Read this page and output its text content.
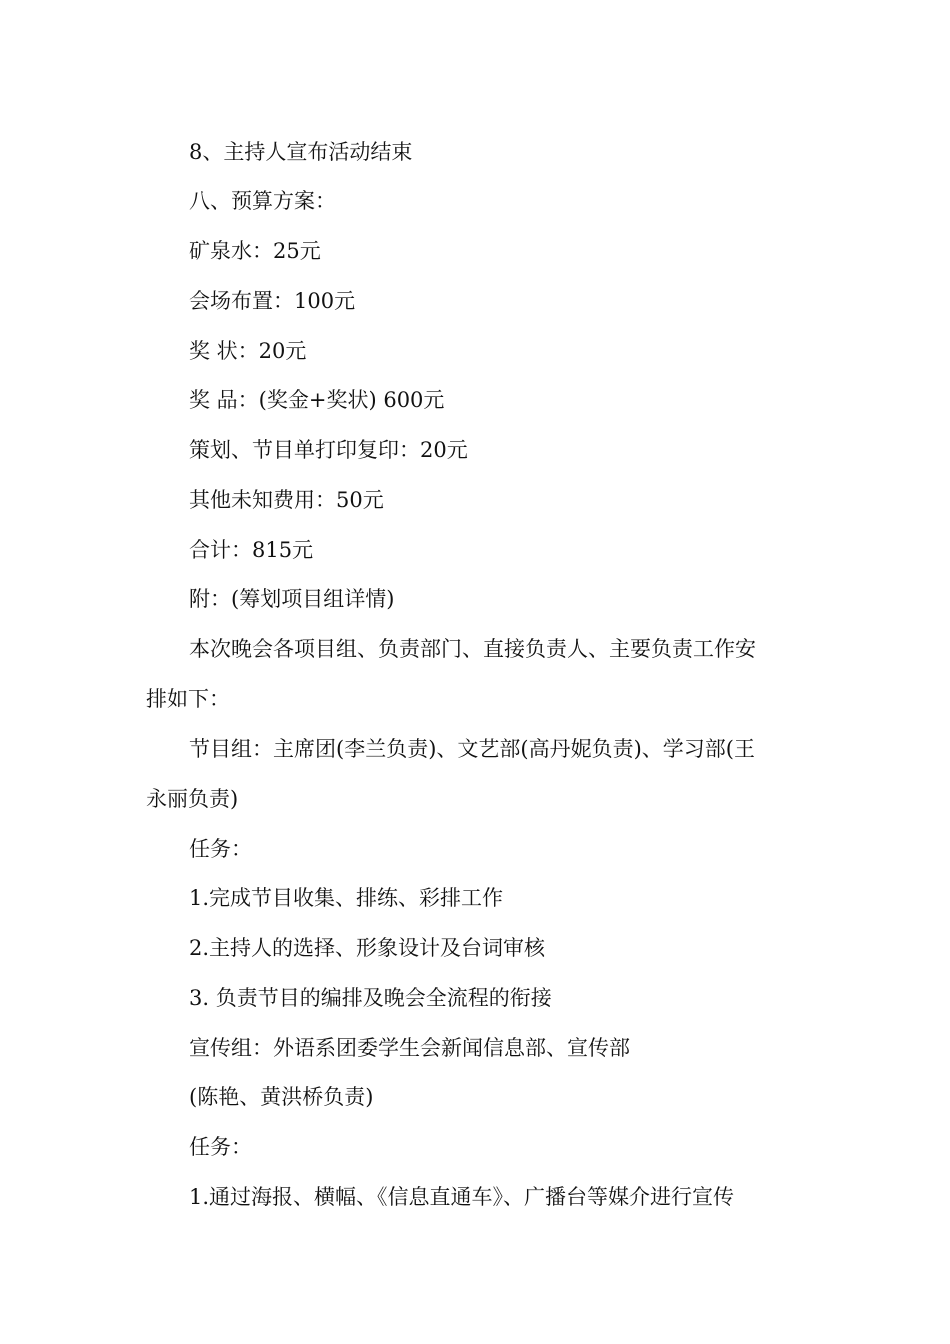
8、主持人宣布活动结束
八、预算方案：
矿泉水：25元
会场布置：100元
奖 状：20元
奖 品：(奖金+奖状) 600元
策划、节目单打印复印：20元
其他未知费用：50元
合计：815元
附：(筹划项目组详情)
本次晚会各项目组、负责部门、直接负责人、主要负责工作安
排如下：
节目组：主席团(李兰负责)、文艺部(高丹妮负责)、学习部(王
永丽负责)
任务：
1.完成节目收集、排练、彩排工作
2.主持人的选择、形象设计及台词审核
3. 负责节目的编排及晚会全流程的衔接
宣传组：外语系团委学生会新闻信息部、宣传部
(陈艳、黄洪桥负责)
任务：
1.通过海报、横幅、《信息直通车》、广播台等媒介进行宣传
